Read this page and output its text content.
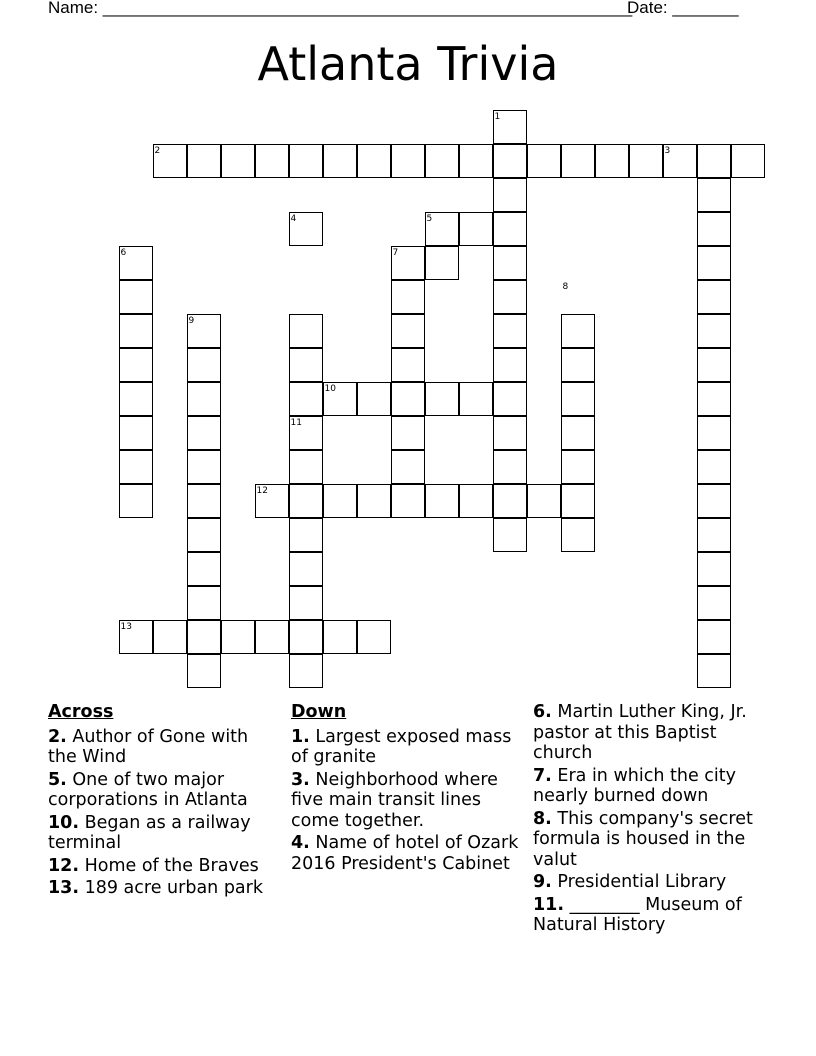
Name: ________________________________________________________
Date: _______
Atlanta Trivia
1
2	3
4	5
6	7
8
9
10
11
12
13
Across
2. Author of Gone with the Wind
5. One of two major corporations in Atlanta
10. Began as a railway terminal
12. Home of the Braves
13. 189 acre urban park
Down
1. Largest exposed mass of granite
3. Neighborhood where five main transit lines come together.
4. Name of hotel of Ozark 2016 President's Cabinet
6. Martin Luther King, Jr. pastor at this Baptist church
7. Era in which the city nearly burned down
8. This company's secret formula is housed in the valut
9. Presidential Library
11. ________ Museum of Natural History
